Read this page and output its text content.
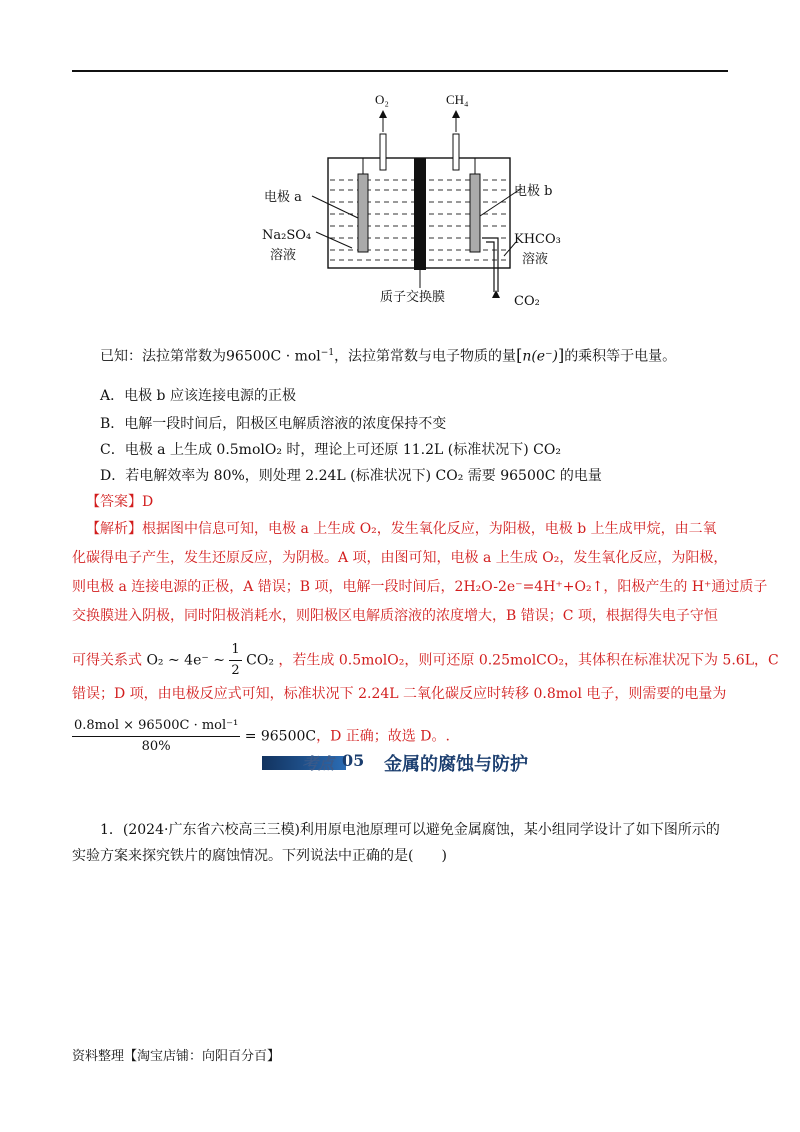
O₂	CH₄
电极 a	电极 b
Na₂SO₄
溶液
KHCO₃
溶液
质子交换膜	CO₂
已知：法拉第常数为96500C · mol$^{-1}$，法拉第常数与电子物质的量[n(e⁻)]的乘积等于电量。
A．电极 b 应该连接电源的正极
B．电解一段时间后，阳极区电解质溶液的浓度保持不变
C．电极 a 上生成 0.5molO₂ 时，理论上可还原 11.2L (标准状况下) CO₂
D．若电解效率为 80%，则处理 2.24L (标准状况下) CO₂ 需要 96500C 的电量
【答案】D
【解析】根据图中信息可知，电极 a 上生成 O₂，发生氧化反应，为阳极，电极 b 上生成甲烷，由二氧
化碳得电子产生，发生还原反应，为阴极。A 项，由图可知，电极 a 上生成 O₂，发生氧化反应，为阳极，
则电极 a 连接电源的正极，A 错误；B 项，电解一段时间后，2H₂O-2e⁻=4H⁺+O₂↑，阳极产生的 H⁺通过质子
交换膜进入阴极，同时阳极消耗水，则阳极区电解质溶液的浓度增大，B 错误；C 项，根据得失电子守恒
可得关系式 O₂ ~ 4e⁻ ~ $\frac{1}{2} CO_2$ ，若生成 0.5molO₂，则可还原 0.25molCO₂，其体积在标准状况下为 5.6L，C
错误；D 项，由电极反应式可知，标准状况下 2.24L 二氧化碳反应时转移 0.8mol 电子，则需要的电量为
$\frac{\text{0.8mol × 96500C · mol⁻¹}}{80\%} = 96500C$，D 正确；故选 D。.
考点 05 金属的腐蚀与防护
1．(2024·广东省六校高三三模)利用原电池原理可以避免金属腐蚀，某小组同学设计了如下图所示的
实验方案来探究铁片的腐蚀情况。下列说法中正确的是(　　)
资料整理【淘宝店铺：向阳百分百】
